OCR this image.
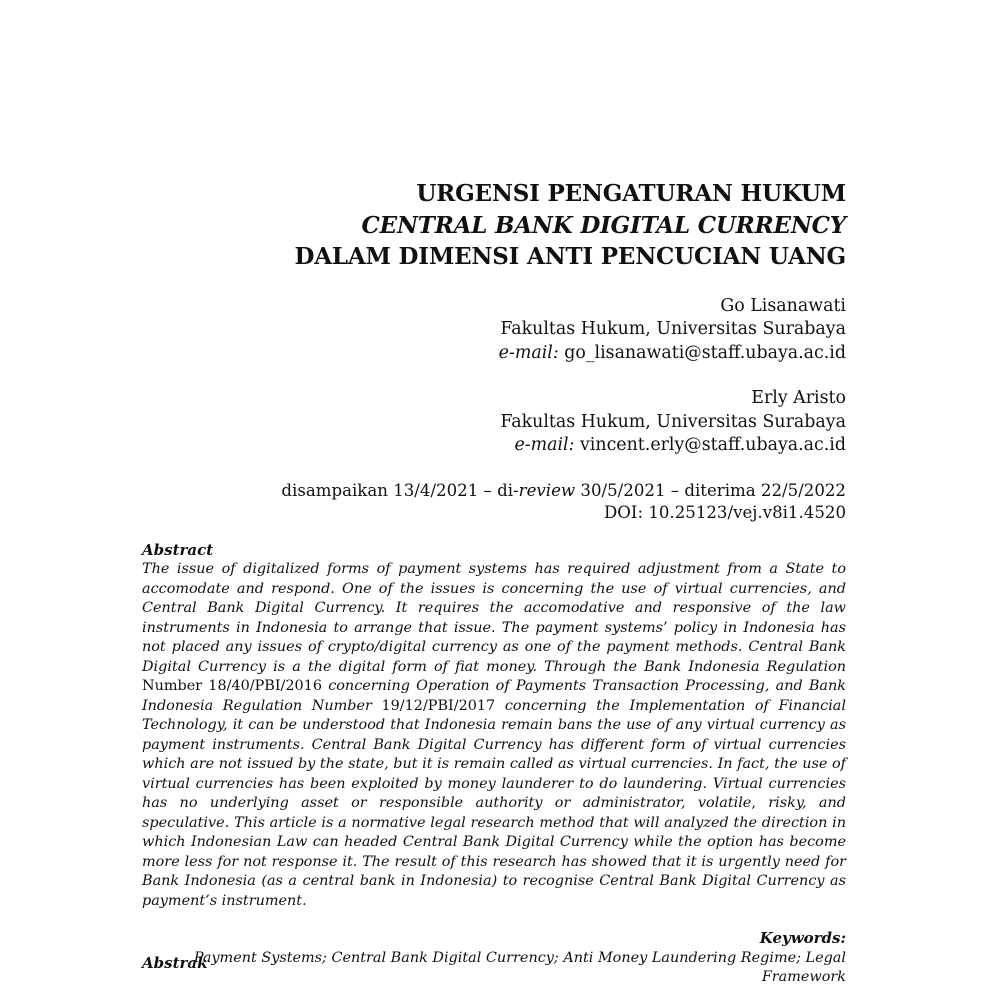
URGENSI PENGATURAN HUKUM
CENTRAL BANK DIGITAL CURRENCY
DALAM DIMENSI ANTI PENCUCIAN UANG
Go Lisanawati
Fakultas Hukum, Universitas Surabaya
e-mail: go_lisanawati@staff.ubaya.ac.id
Erly Aristo
Fakultas Hukum, Universitas Surabaya
e-mail: vincent.erly@staff.ubaya.ac.id
disampaikan 13/4/2021 – di-review 30/5/2021 – diterima 22/5/2022
DOI: 10.25123/vej.v8i1.4520
Abstract
The issue of digitalized forms of payment systems has required adjustment from a State to accomodate and respond. One of the issues is concerning the use of virtual currencies, and Central Bank Digital Currency. It requires the accomodative and responsive of the law instruments in Indonesia to arrange that issue. The payment systems’ policy in Indonesia has not placed any issues of crypto/digital currency as one of the payment methods. Central Bank Digital Currency is a the digital form of fiat money. Through the Bank Indonesia Regulation Number 18/40/PBI/2016 concerning Operation of Payments Transaction Processing, and Bank Indonesia Regulation Number 19/12/PBI/2017 concerning the Implementation of Financial Technology, it can be understood that Indonesia remain bans the use of any virtual currency as payment instruments. Central Bank Digital Currency has different form of virtual currencies which are not issued by the state, but it is remain called as virtual currencies. In fact, the use of virtual currencies has been exploited by money launderer to do laundering. Virtual currencies has no underlying asset or responsible authority or administrator, volatile, risky, and speculative. This article is a normative legal research method that will analyzed the direction in which Indonesian Law can headed Central Bank Digital Currency while the option has become more less for not response it. The result of this research has showed that it is urgently need for Bank Indonesia (as a central bank in Indonesia) to recognise Central Bank Digital Currency as payment’s instrument.
Keywords:
Payment Systems; Central Bank Digital Currency; Anti Money Laundering Regime; Legal Framework
Abstrak
